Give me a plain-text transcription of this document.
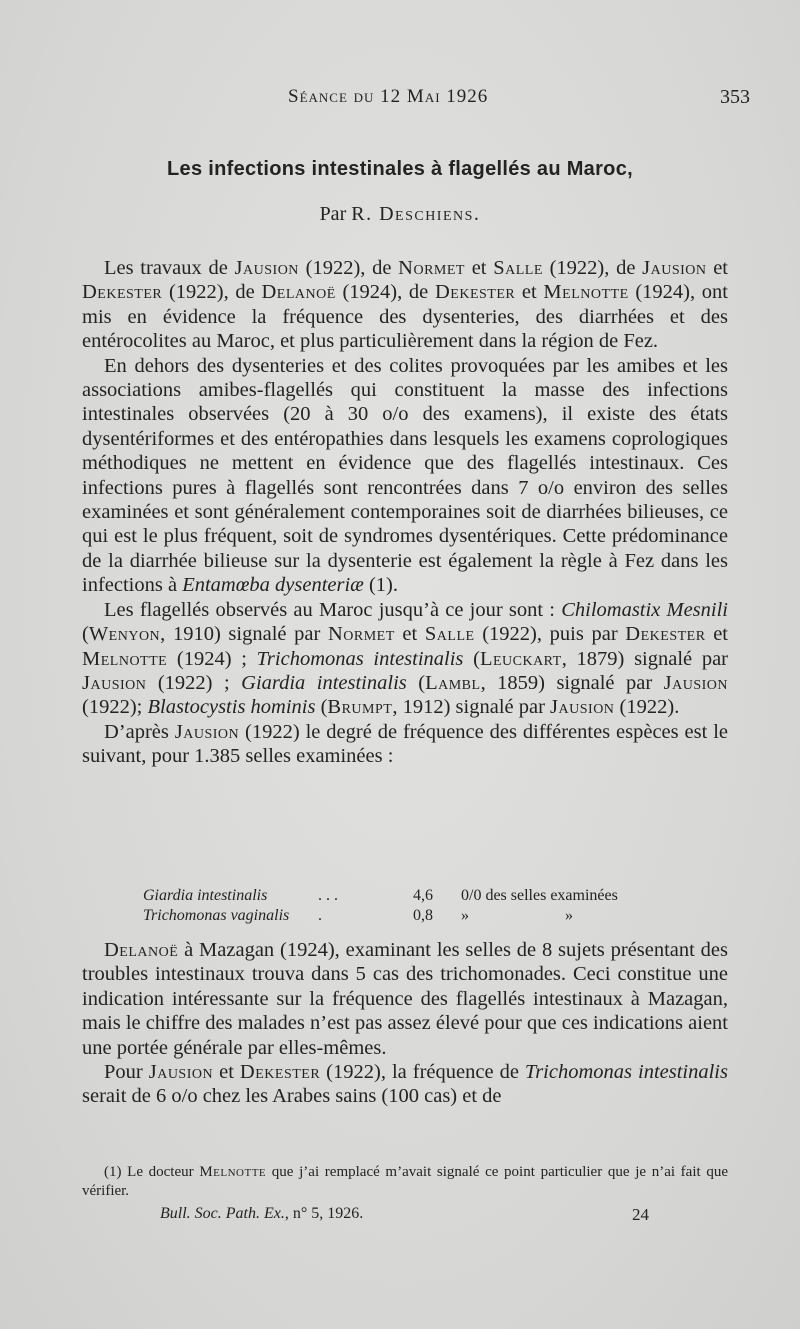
Séance du 12 Mai 1926	353
Les infections intestinales à flagellés au Maroc,
Par R. Deschiens.

Les travaux de Jausion (1922), de Normet et Salle (1922), de Jausion et Dekester (1922), de Delanoë (1924), de Dekester et Melnotte (1924), ont mis en évidence la fréquence des dysenteries, des diarrhées et des entérocolites au Maroc, et plus particulièrement dans la région de Fez.

En dehors des dysenteries et des colites provoquées par les amibes et les associations amibes-flagellés qui constituent la masse des infections intestinales observées (20 à 30 o/o des examens), il existe des états dysentériformes et des entéropathies dans lesquels les examens coprologiques méthodiques ne mettent en évidence que des flagellés intestinaux. Ces infections pures à flagellés sont rencontrées dans 7 o/o environ des selles examinées et sont généralement contemporaines soit de diarrhées bilieuses, ce qui est le plus fréquent, soit de syndromes dysentériques. Cette prédominance de la diarrhée bilieuse sur la dysenterie est également la règle à Fez dans les infections à Entamœba dysenteriæ (1).

Les flagellés observés au Maroc jusqu’à ce jour sont : Chilomastix Mesnili (Wenyon, 1910) signalé par Normet et Salle (1922), puis par Dekester et Melnotte (1924) ; Trichomonas intestinalis (Leuckart, 1879) signalé par Jausion (1922) ; Giardia intestinalis (Lambl, 1859) signalé par Jausion (1922); Blastocystis hominis (Brumpt, 1912) signalé par Jausion (1922).

D’après Jausion (1922) le degré de fréquence des différentes espèces est le suivant, pour 1.385 selles examinées :

Giardia intestinalis	. . .	4,6 0/0 des selles examinées
Trichomonas vaginalis .	0,8 »	»

Delanoë à Mazagan (1924), examinant les selles de 8 sujets présentant des troubles intestinaux trouva dans 5 cas des trichomonades. Ceci constitue une indication intéressante sur la fréquence des flagellés intestinaux à Mazagan, mais le chiffre des malades n’est pas assez élevé pour que ces indications aient une portée générale par elles-mêmes.

Pour Jausion et Dekester (1922), la fréquence de Trichomonas intestinalis serait de 6 o/o chez les Arabes sains (100 cas) et de

(1) Le docteur Melnotte que j’ai remplacé m’avait signalé ce point particulier que je n’ai fait que vérifier.
Bull. Soc. Path. Ex., n° 5, 1926.	24
